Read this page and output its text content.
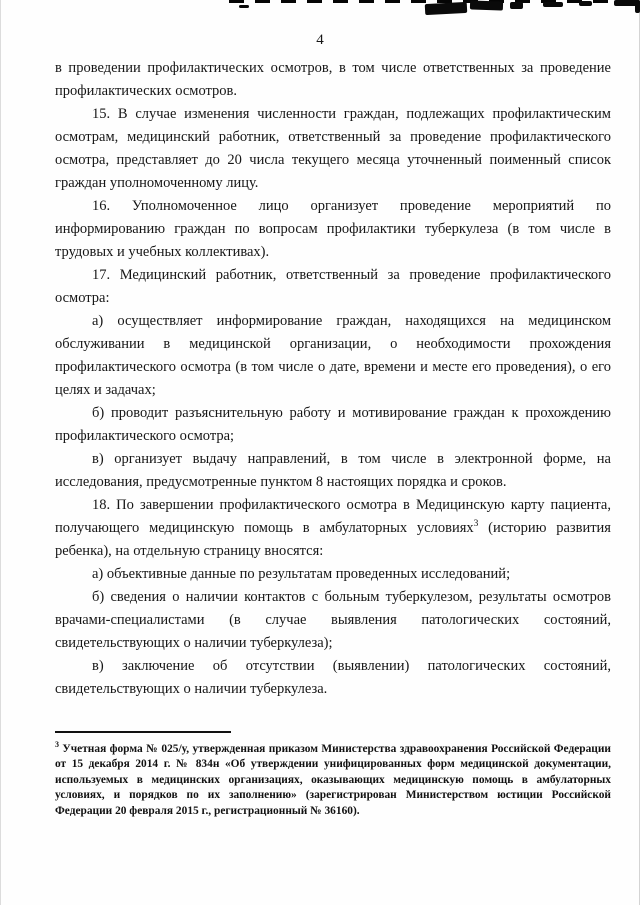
4

в проведении профилактических осмотров, в том числе ответственных за проведение профилактических осмотров.

15. В случае изменения численности граждан, подлежащих профилактическим осмотрам, медицинский работник, ответственный за проведение профилактического осмотра, представляет до 20 числа текущего месяца уточненный поименный список граждан уполномоченному лицу.

16. Уполномоченное лицо организует проведение мероприятий по информированию граждан по вопросам профилактики туберкулеза (в том числе в трудовых и учебных коллективах).

17. Медицинский работник, ответственный за проведение профилактического осмотра:

а) осуществляет информирование граждан, находящихся на медицинском обслуживании в медицинской организации, о необходимости прохождения профилактического осмотра (в том числе о дате, времени и месте его проведения), о его целях и задачах;

б) проводит разъяснительную работу и мотивирование граждан к прохождению профилактического осмотра;

в) организует выдачу направлений, в том числе в электронной форме, на исследования, предусмотренные пунктом 8 настоящих порядка и сроков.

18. По завершении профилактического осмотра в Медицинскую карту пациента, получающего медицинскую помощь в амбулаторных условиях$^3$ (историю развития ребенка), на отдельную страницу вносятся:

а) объективные данные по результатам проведенных исследований;

б) сведения о наличии контактов с больным туберкулезом, результаты осмотров врачами-специалистами (в случае выявления патологических состояний, свидетельствующих о наличии туберкулеза);

в) заключение об отсутствии (выявлении) патологических состояний, свидетельствующих о наличии туберкулеза.

$^3$ Учетная форма № 025/у, утвержденная приказом Министерства здравоохранения Российской Федерации от 15 декабря 2014 г. № 834н «Об утверждении унифицированных форм медицинской документации, используемых в медицинских организациях, оказывающих медицинскую помощь в амбулаторных условиях, и порядков по их заполнению» (зарегистрирован Министерством юстиции Российской Федерации 20 февраля 2015 г., регистрационный № 36160).
